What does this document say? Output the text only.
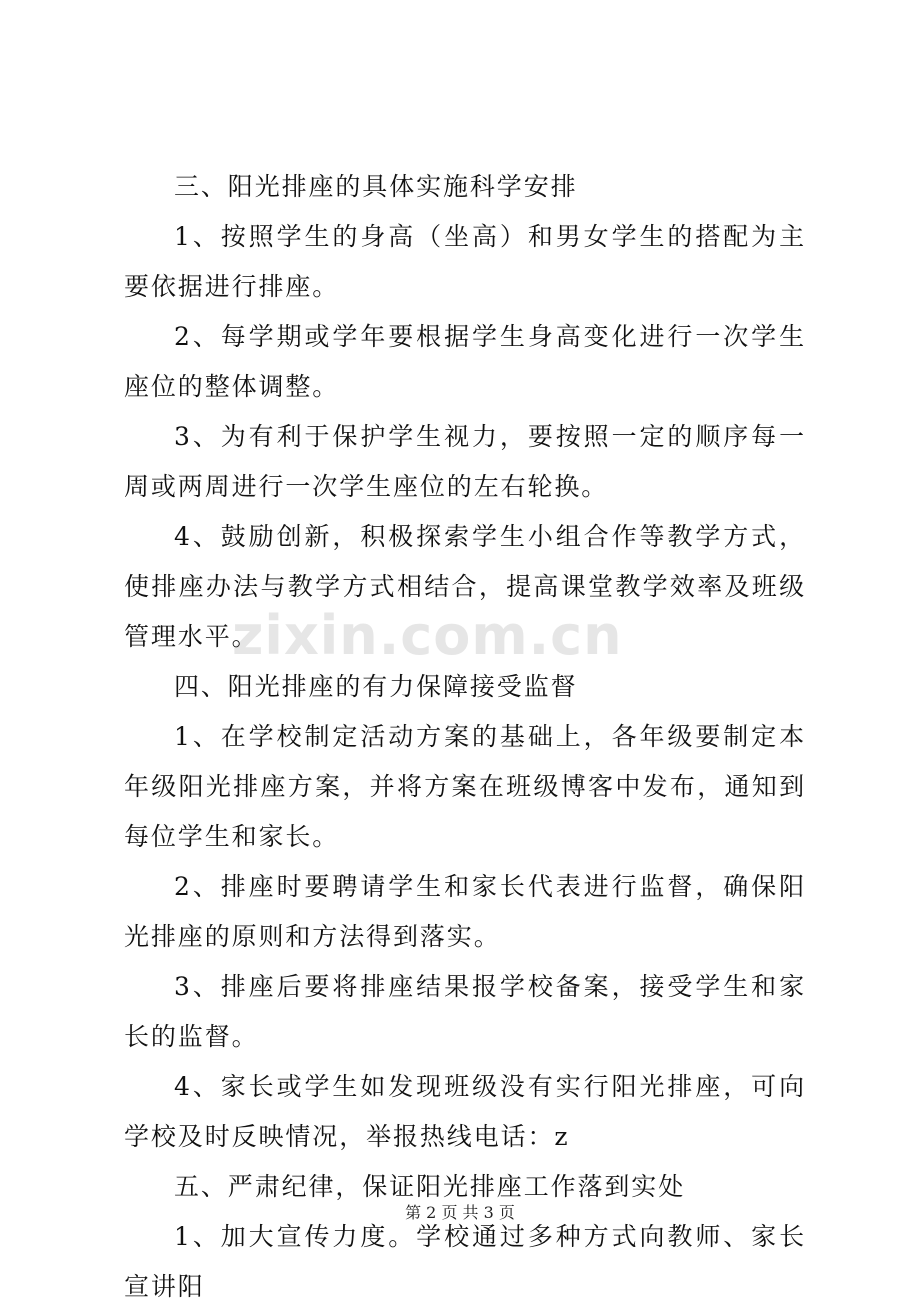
zixin.com.cn

三、阳光排座的具体实施科学安排

1、按照学生的身高（坐高）和男女学生的搭配为主要依据进行排座。

2、每学期或学年要根据学生身高变化进行一次学生座位的整体调整。

3、为有利于保护学生视力，要按照一定的顺序每一周或两周进行一次学生座位的左右轮换。

4、鼓励创新，积极探索学生小组合作等教学方式，使排座办法与教学方式相结合，提高课堂教学效率及班级管理水平。

四、阳光排座的有力保障接受监督

1、在学校制定活动方案的基础上，各年级要制定本年级阳光排座方案，并将方案在班级博客中发布，通知到每位学生和家长。

2、排座时要聘请学生和家长代表进行监督，确保阳光排座的原则和方法得到落实。

3、排座后要将排座结果报学校备案，接受学生和家长的监督。

4、家长或学生如发现班级没有实行阳光排座，可向学校及时反映情况，举报热线电话：z

五、严肃纪律，保证阳光排座工作落到实处

1、加大宣传力度。学校通过多种方式向教师、家长宣讲阳

第 2 页 共 3 页
